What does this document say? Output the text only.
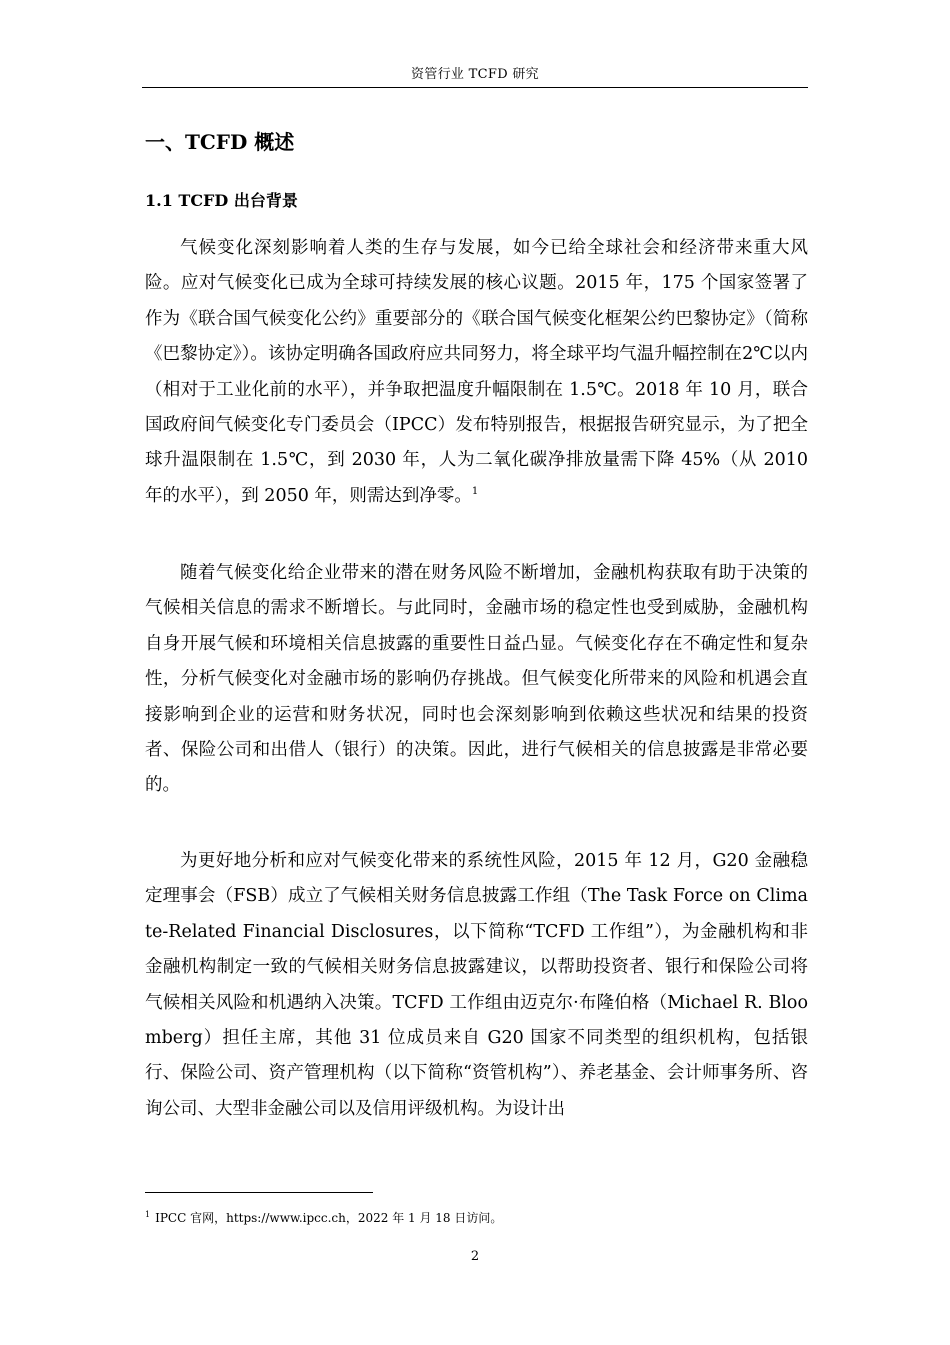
资管行业 TCFD 研究
一、TCFD 概述
1.1 TCFD 出台背景

气候变化深刻影响着人类的生存与发展，如今已给全球社会和经济带来重大风险。应对气候变化已成为全球可持续发展的核心议题。2015 年，175 个国家签署了作为《联合国气候变化公约》重要部分的《联合国气候变化框架公约巴黎协定》（简称《巴黎协定》）。该协定明确各国政府应共同努力，将全球平均气温升幅控制在2℃以内（相对于工业化前的水平），并争取把温度升幅限制在 1.5℃。2018 年 10 月，联合国政府间气候变化专门委员会（IPCC）发布特别报告，根据报告研究显示，为了把全球升温限制在 1.5℃，到 2030 年，人为二氧化碳净排放量需下降 45%（从 2010 年的水平），到 2050 年，则需达到净零。$^1$

随着气候变化给企业带来的潜在财务风险不断增加，金融机构获取有助于决策的气候相关信息的需求不断增长。与此同时，金融市场的稳定性也受到威胁，金融机构自身开展气候和环境相关信息披露的重要性日益凸显。气候变化存在不确定性和复杂性，分析气候变化对金融市场的影响仍存挑战。但气候变化所带来的风险和机遇会直接影响到企业的运营和财务状况，同时也会深刻影响到依赖这些状况和结果的投资者、保险公司和出借人（银行）的决策。因此，进行气候相关的信息披露是非常必要的。

为更好地分析和应对气候变化带来的系统性风险，2015 年 12 月，G20 金融稳定理事会（FSB）成立了气候相关财务信息披露工作组（The Task Force on Climate-Related Financial Disclosures，以下简称“TCFD 工作组”），为金融机构和非金融机构制定一致的气候相关财务信息披露建议，以帮助投资者、银行和保险公司将气候相关风险和机遇纳入决策。TCFD 工作组由迈克尔·布隆伯格（Michael R. Bloomberg）担任主席，其他 31 位成员来自 G20 国家不同类型的组织机构，包括银行、保险公司、资产管理机构（以下简称“资管机构”）、养老基金、会计师事务所、咨询公司、大型非金融公司以及信用评级机构。为设计出

$^1$ IPCC 官网，https://www.ipcc.ch，2022 年 1 月 18 日访问。

2
